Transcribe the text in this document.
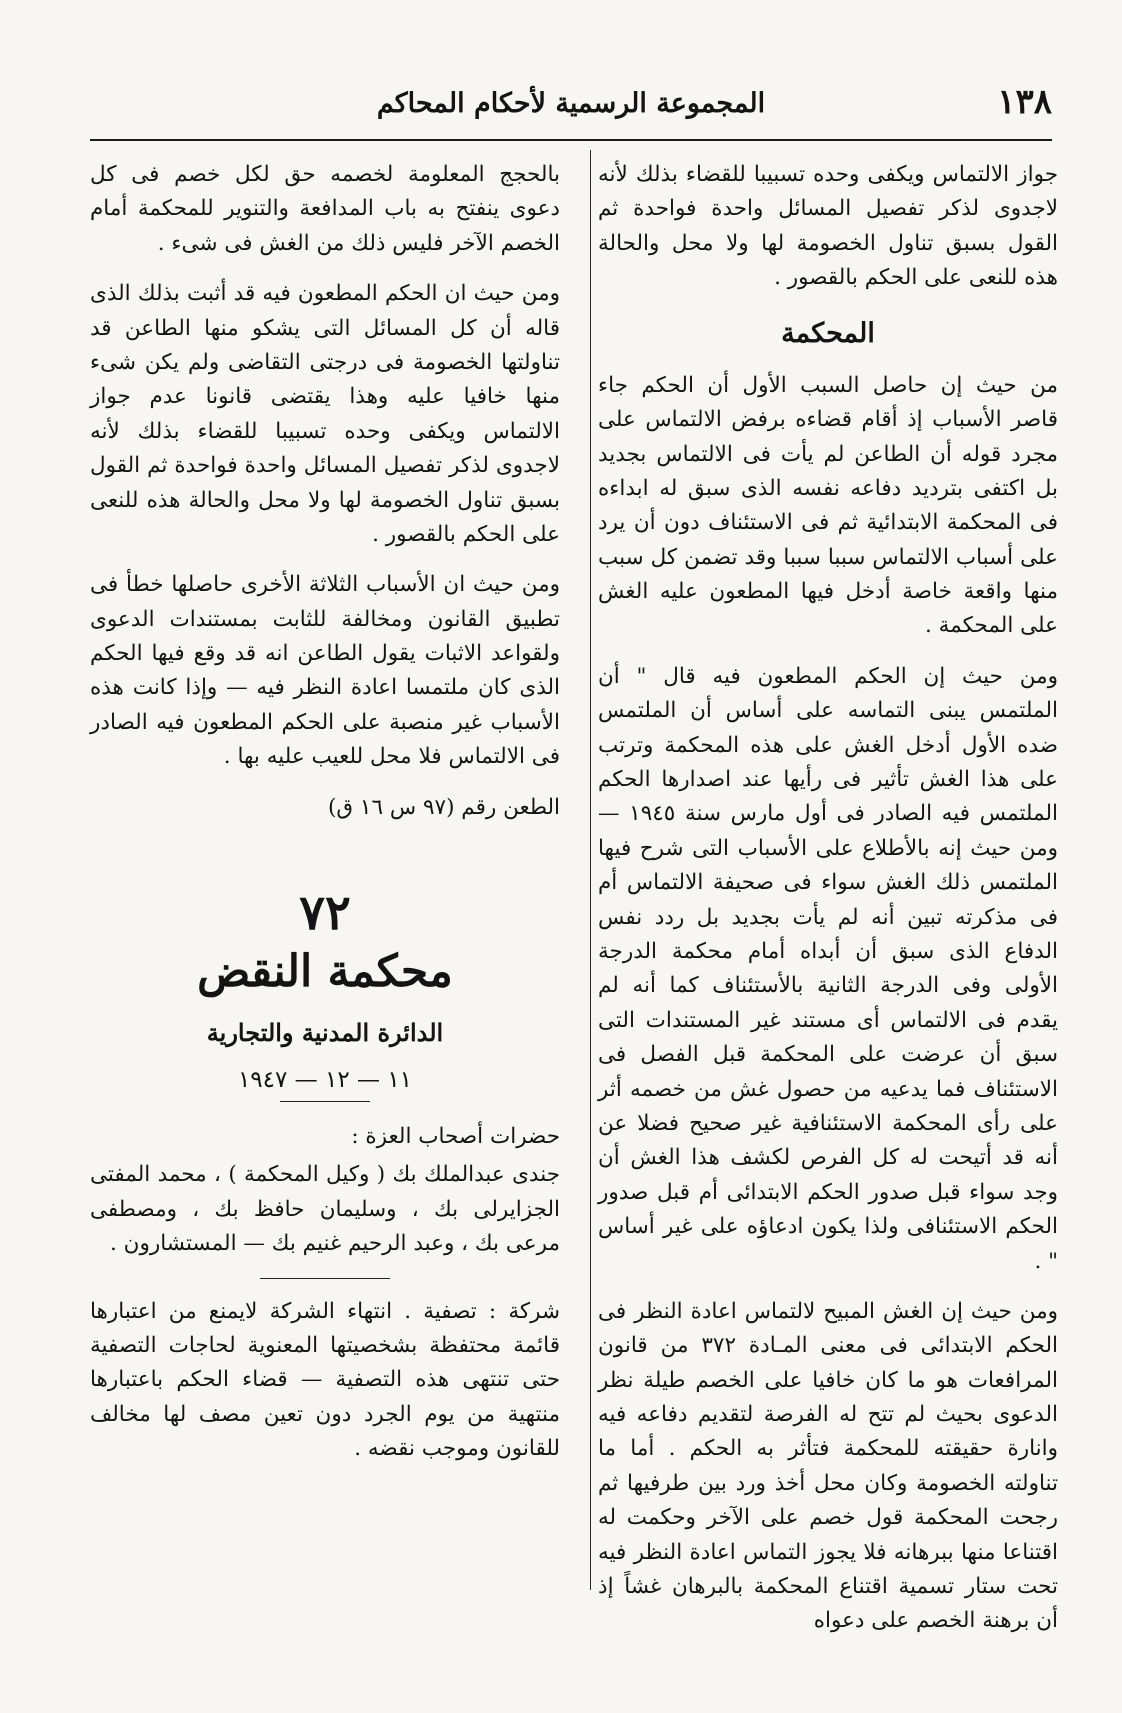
١٣٨
المجموعة الرسمية لأحكام المحاكم

جواز الالتماس ويكفى وحده تسبيبا للقضاء بذلك لأنه لاجدوى لذكر تفصيل المسائل واحدة فواحدة ثم القول بسبق تناول الخصومة لها ولا محل والحالة هذه للنعى على الحكم بالقصور .

المحكمة

من حيث إن حاصل السبب الأول أن الحكم جاء قاصر الأسباب إذ أقام قضاءه برفض الالتماس على مجرد قوله أن الطاعن لم يأت فى الالتماس بجديد بل اكتفى بترديد دفاعه نفسه الذى سبق له ابداءه فى المحكمة الابتدائية ثم فى الاستئناف دون أن يرد على أسباب الالتماس سببا سببا وقد تضمن كل سبب منها واقعة خاصة أدخل فيها المطعون عليه الغش على المحكمة .

ومن حيث إن الحكم المطعون فيه قال " أن الملتمس يبنى التماسه على أساس أن الملتمس ضده الأول أدخل الغش على هذه المحكمة وترتب على هذا الغش تأثير فى رأيها عند اصدارها الحكم الملتمس فيه الصادر فى أول مارس سنة ١٩٤٥ — ومن حيث إنه بالأطلاع على الأسباب التى شرح فيها الملتمس ذلك الغش سواء فى صحيفة الالتماس أم فى مذكرته تبين أنه لم يأت بجديد بل ردد نفس الدفاع الذى سبق أن أبداه أمام محكمة الدرجة الأولى وفى الدرجة الثانية بالأستئناف كما أنه لم يقدم فى الالتماس أى مستند غير المستندات التى سبق أن عرضت على المحكمة قبل الفصل فى الاستئناف فما يدعيه من حصول غش من خصمه أثر على رأى المحكمة الاستئنافية غير صحيح فضلا عن أنه قد أتيحت له كل الفرص لكشف هذا الغش أن وجد سواء قبل صدور الحكم الابتدائى أم قبل صدور الحكم الاستئنافى ولذا يكون ادعاؤه على غير أساس " .

ومن حيث إن الغش المبيح لالتماس اعادة النظر فى الحكم الابتدائى فى معنى المـادة ٣٧٢ من قانون المرافعات هو ما كان خافيا على الخصم طيلة نظر الدعوى بحيث لم تتح له الفرصة لتقديم دفاعه فيه وانارة حقيقته للمحكمة فتأثر به الحكم . أما ما تناولته الخصومة وكان محل أخذ ورد بين طرفيها ثم رجحت المحكمة قول خصم على الآخر وحكمت له اقتناعا منها ببرهانه فلا يجوز التماس اعادة النظر فيه تحت ستار تسمية اقتناع المحكمة بالبرهان غشاً إذ أن برهنة الخصم على دعواه

بالحجج المعلومة لخصمه حق لكل خصم فى كل دعوى ينفتح به باب المدافعة والتنوير للمحكمة أمام الخصم الآخر فليس ذلك من الغش فى شىء .

ومن حيث ان الحكم المطعون فيه قد أثبت بذلك الذى قاله أن كل المسائل التى يشكو منها الطاعن قد تناولتها الخصومة فى درجتى التقاضى ولم يكن شىء منها خافيا عليه وهذا يقتضى قانونا عدم جواز الالتماس ويكفى وحده تسبيبا للقضاء بذلك لأنه لاجدوى لذكر تفصيل المسائل واحدة فواحدة ثم القول بسبق تناول الخصومة لها ولا محل والحالة هذه للنعى على الحكم بالقصور .

ومن حيث ان الأسباب الثلاثة الأخرى حاصلها خطأ فى تطبيق القانون ومخالفة للثابت بمستندات الدعوى ولقواعد الاثبات يقول الطاعن انه قد وقع فيها الحكم الذى كان ملتمسا اعادة النظر فيه — وإذا كانت هذه الأسباب غير منصبة على الحكم المطعون فيه الصادر فى الالتماس فلا محل للعيب عليه بها .

الطعن رقم (٩٧ س ١٦ ق)
٧٢
محكمة النقض
الدائرة المدنية والتجارية
١١ — ١٢ — ١٩٤٧
حضرات أصحاب العزة :

جندى عبدالملك بك ( وكيل المحكمة ) ، محمد المفتى الجزايرلى بك ، وسليمان حافظ بك ، ومصطفى مرعى بك ، وعبد الرحيم غنيم بك — المستشارون .

شركة : تصفية . انتهاء الشركة لايمنع من اعتبارها قائمة محتفظة بشخصيتها المعنوية لحاجات التصفية حتى تنتهى هذه التصفية — قضاء الحكم باعتبارها منتهية من يوم الجرد دون تعين مصف لها مخالف للقانون وموجب نقضه .
